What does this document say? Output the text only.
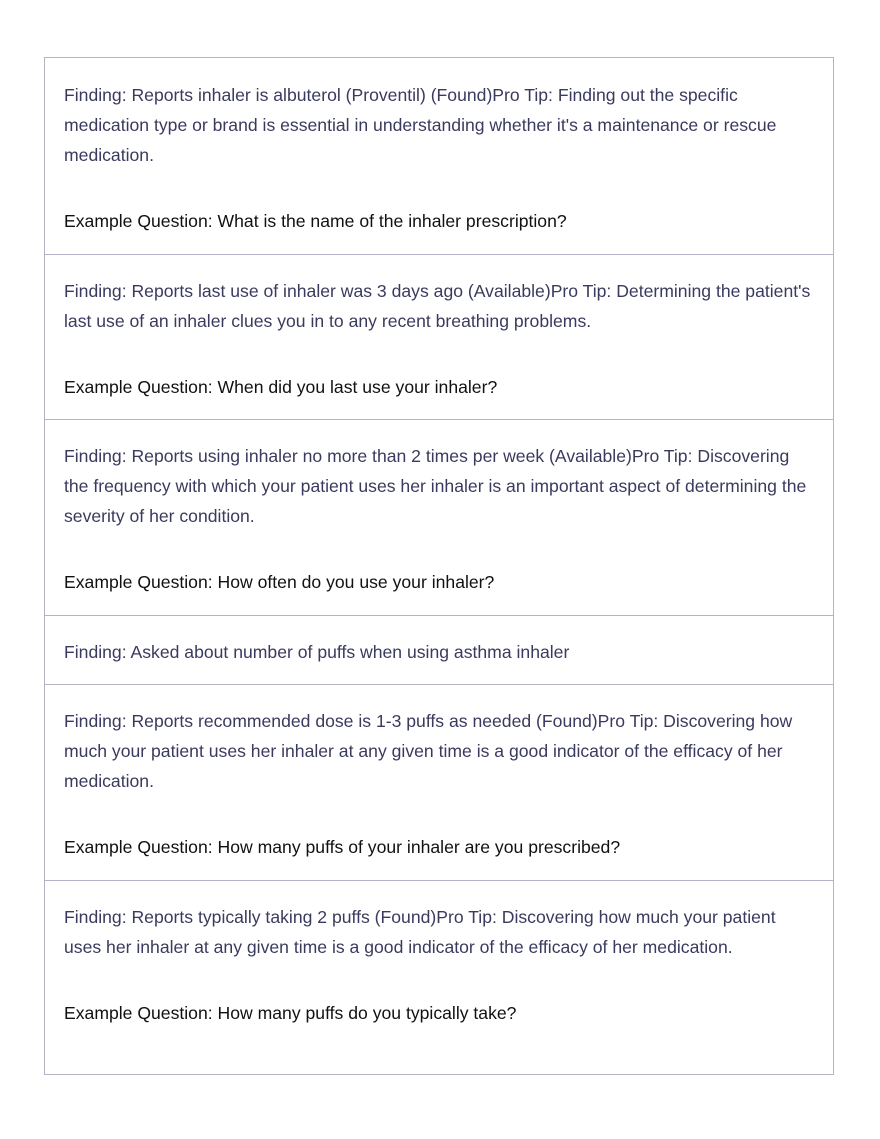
Finding: Reports inhaler is albuterol (Proventil) (Found)Pro Tip: Finding out the specific medication type or brand is essential in understanding whether it's a maintenance or rescue medication.

Example Question: What is the name of the inhaler prescription?

Finding: Reports last use of inhaler was 3 days ago (Available)Pro Tip: Determining the patient's last use of an inhaler clues you in to any recent breathing problems.

Example Question: When did you last use your inhaler?

Finding: Reports using inhaler no more than 2 times per week (Available)Pro Tip: Discovering the frequency with which your patient uses her inhaler is an important aspect of determining the severity of her condition.

Example Question: How often do you use your inhaler?

Finding: Asked about number of puffs when using asthma inhaler

Finding: Reports recommended dose is 1-3 puffs as needed (Found)Pro Tip: Discovering how much your patient uses her inhaler at any given time is a good indicator of the efficacy of her medication.

Example Question: How many puffs of your inhaler are you prescribed?

Finding: Reports typically taking 2 puffs (Found)Pro Tip: Discovering how much your patient uses her inhaler at any given time is a good indicator of the efficacy of her medication.

Example Question: How many puffs do you typically take?
